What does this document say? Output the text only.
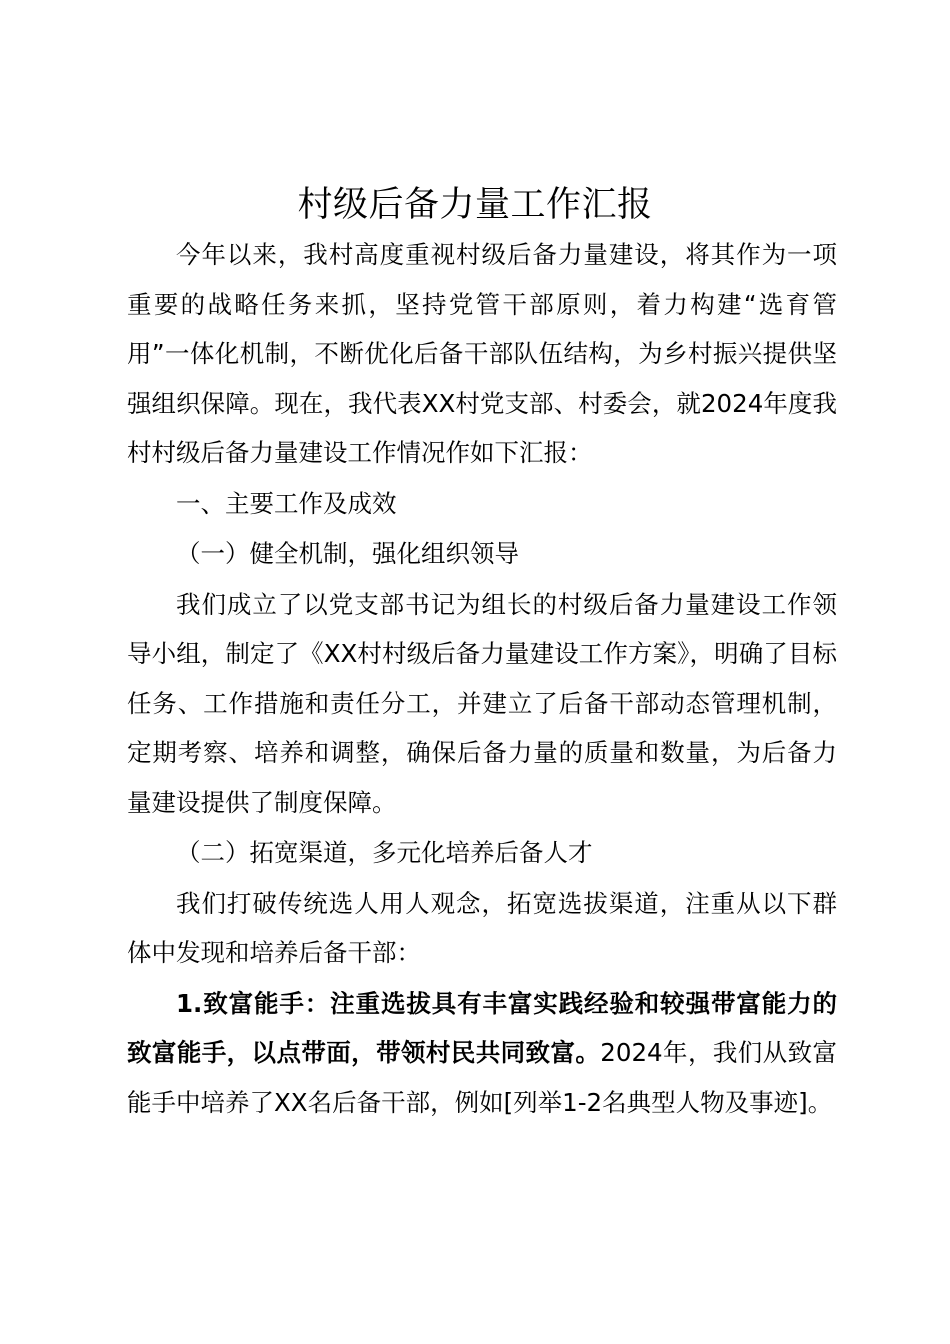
村级后备力量工作汇报

今年以来，我村高度重视村级后备力量建设，将其作为一项重要的战略任务来抓，坚持党管干部原则，着力构建“选育管用”一体化机制，不断优化后备干部队伍结构，为乡村振兴提供坚强组织保障。现在，我代表XX村党支部、村委会，就2024年度我村村级后备力量建设工作情况作如下汇报：

一、主要工作及成效

（一）健全机制，强化组织领导

我们成立了以党支部书记为组长的村级后备力量建设工作领导小组，制定了《XX村村级后备力量建设工作方案》，明确了目标任务、工作措施和责任分工，并建立了后备干部动态管理机制，定期考察、培养和调整，确保后备力量的质量和数量，为后备力量建设提供了制度保障。

（二）拓宽渠道，多元化培养后备人才

我们打破传统选人用人观念，拓宽选拔渠道，注重从以下群体中发现和培养后备干部：

1.致富能手：注重选拔具有丰富实践经验和较强带富能力的致富能手，以点带面，带领村民共同致富。2024年，我们从致富能手中培养了XX名后备干部，例如[列举1-2名典型人物及事迹]。
